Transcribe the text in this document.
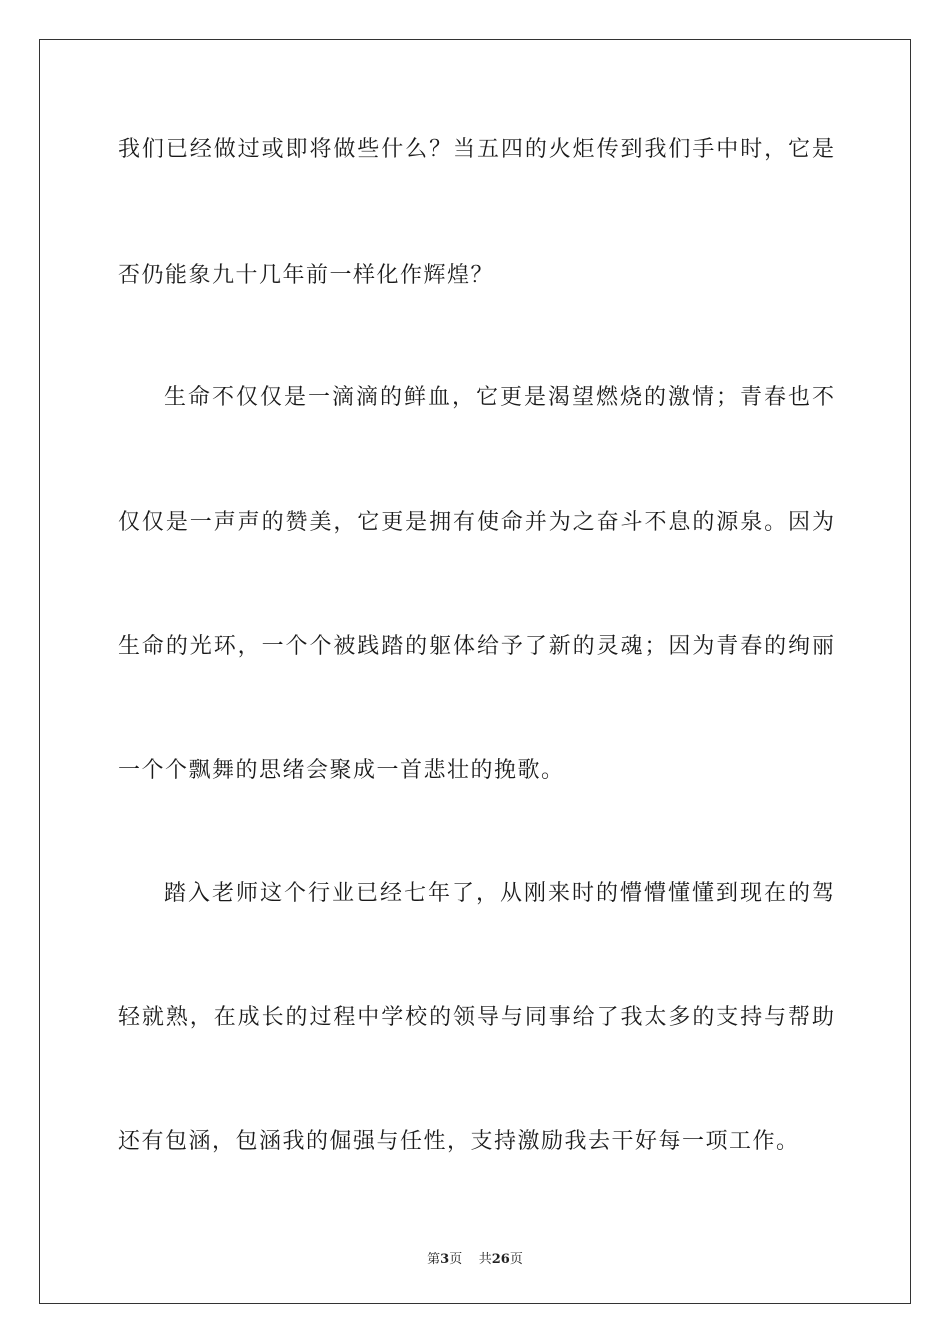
我们已经做过或即将做些什么？当五四的火炬传到我们手中时，它是
否仍能象九十几年前一样化作辉煌？
生命不仅仅是一滴滴的鲜血，它更是渴望燃烧的激情；青春也不
仅仅是一声声的赞美，它更是拥有使命并为之奋斗不息的源泉。因为
生命的光环，一个个被践踏的躯体给予了新的灵魂；因为青春的绚丽
一个个飘舞的思绪会聚成一首悲壮的挽歌。
踏入老师这个行业已经七年了，从刚来时的懵懵懂懂到现在的驾
轻就熟，在成长的过程中学校的领导与同事给了我太多的支持与帮助
还有包涵，包涵我的倔强与任性，支持激励我去干好每一项工作。
第3页 共26页
